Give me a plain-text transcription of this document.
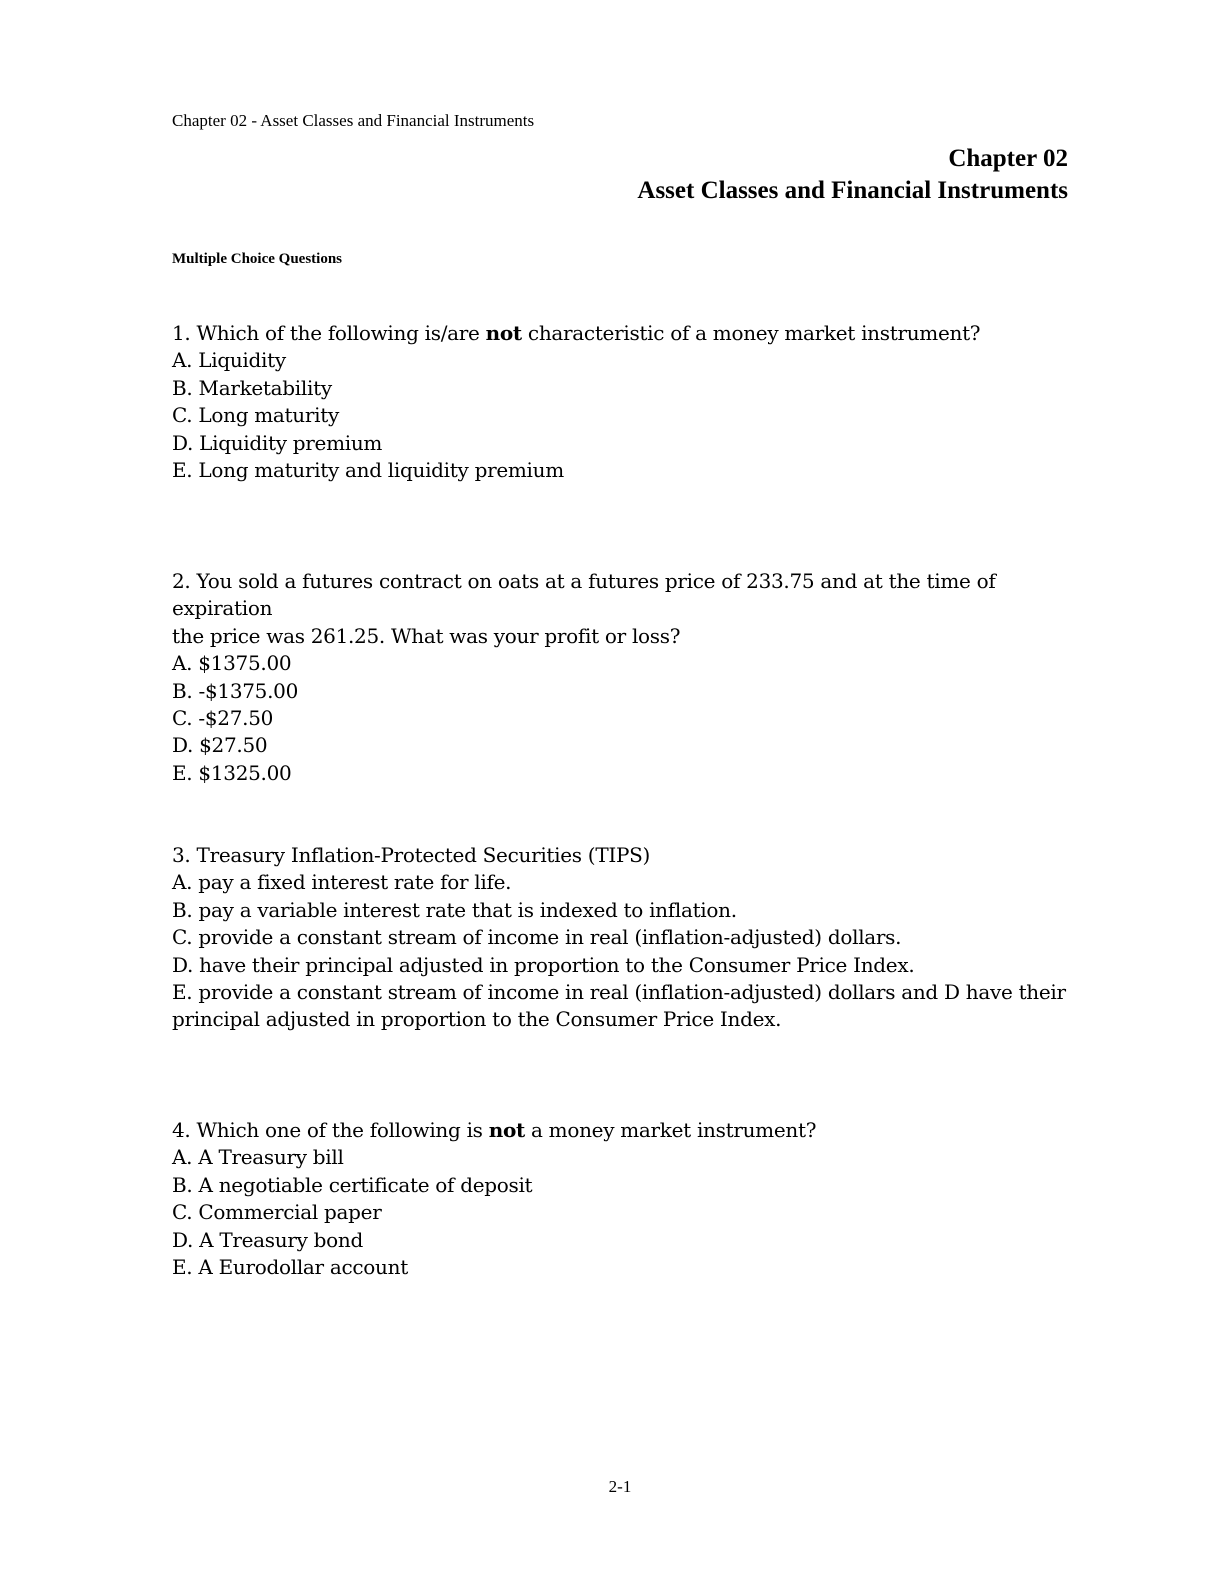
Chapter 02 - Asset Classes and Financial Instruments
Chapter 02
Asset Classes and Financial Instruments
Multiple Choice Questions

1. Which of the following is/are not characteristic of a money market instrument?

A. Liquidity

B. Marketability

C. Long maturity

D. Liquidity premium

E. Long maturity and liquidity premium

2. You sold a futures contract on oats at a futures price of 233.75 and at the time of expiration

the price was 261.25. What was your profit or loss?

A. $1375.00

B. -$1375.00

C. -$27.50

D. $27.50

E. $1325.00

3. Treasury Inflation-Protected Securities (TIPS)

A. pay a fixed interest rate for life.

B. pay a variable interest rate that is indexed to inflation.

C. provide a constant stream of income in real (inflation-adjusted) dollars.

D. have their principal adjusted in proportion to the Consumer Price Index.

E. provide a constant stream of income in real (inflation-adjusted) dollars and D have their

principal adjusted in proportion to the Consumer Price Index.

4. Which one of the following is not a money market instrument?

A. A Treasury bill

B. A negotiable certificate of deposit

C. Commercial paper

D. A Treasury bond

E. A Eurodollar account

2-1
